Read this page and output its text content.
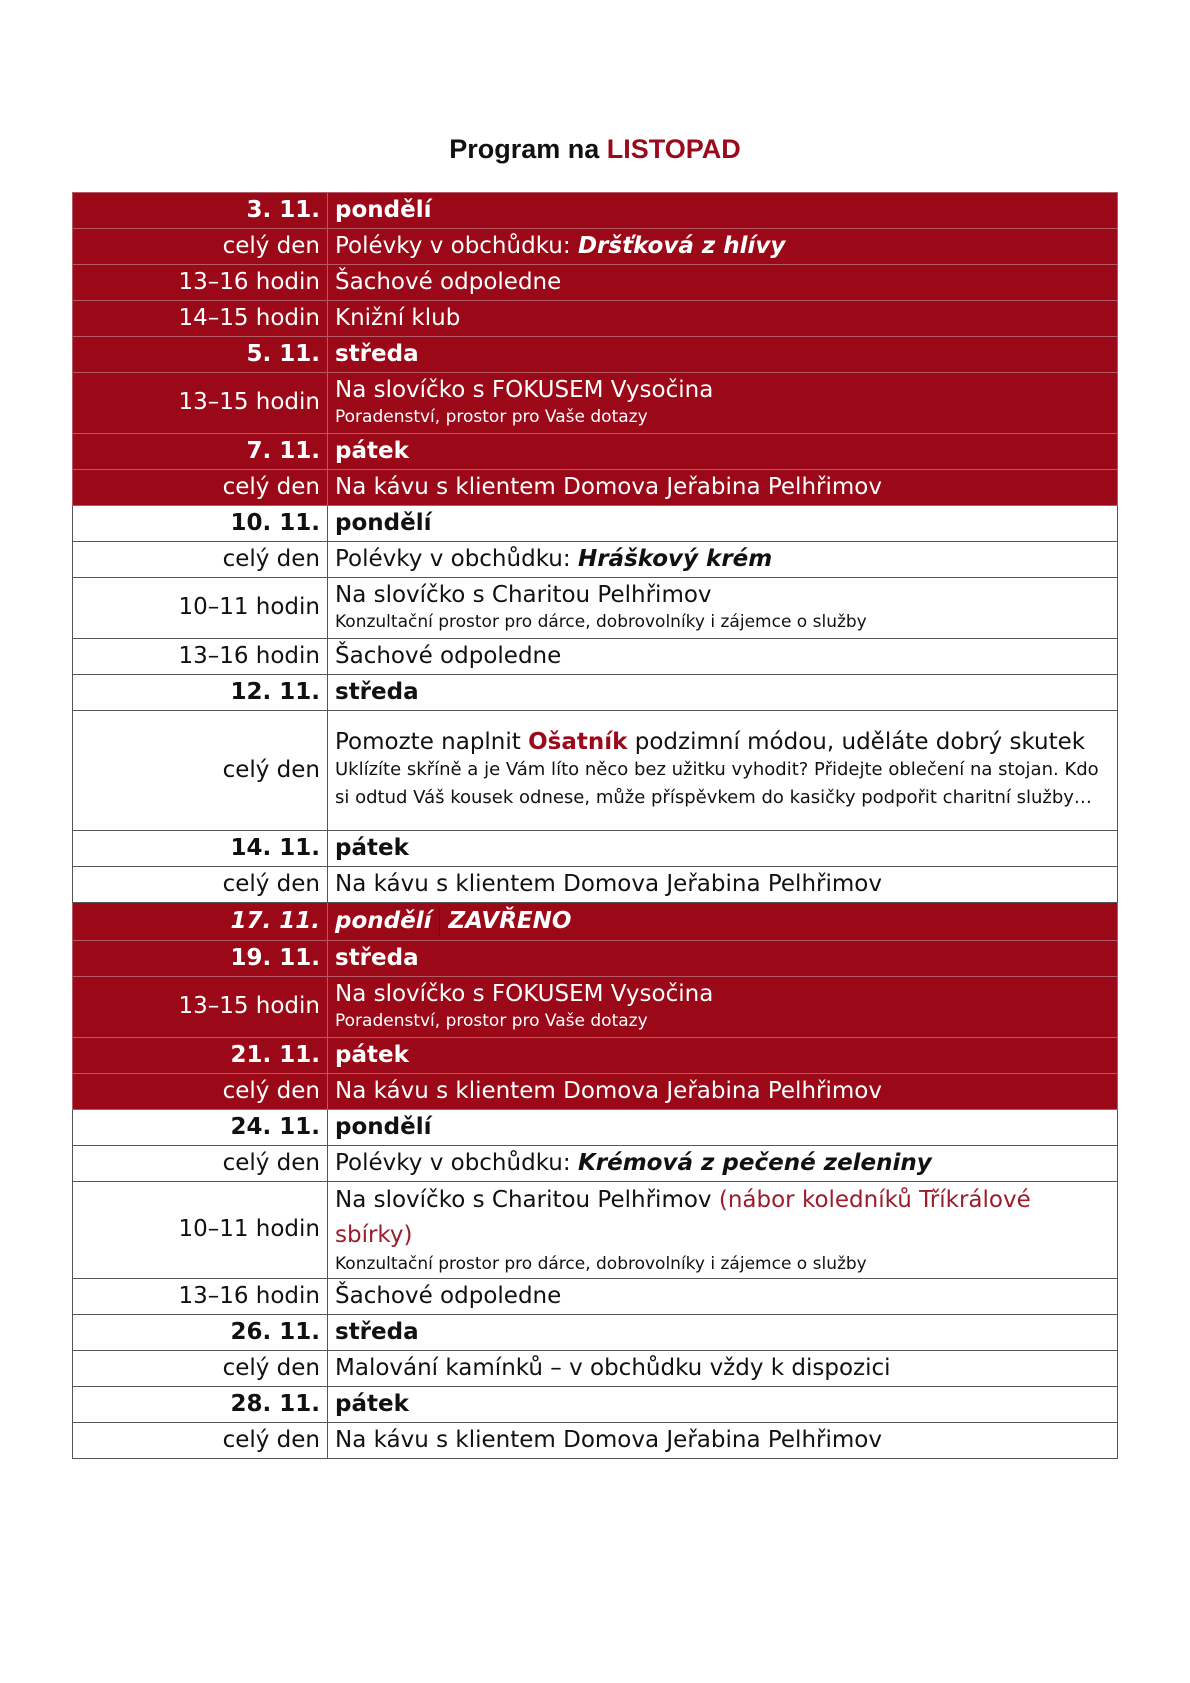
Program na LISTOPAD
3. 11.	pondělí
celý den	Polévky v obchůdku: Dršťková z hlívy
13–16 hodin	Šachové odpoledne
14–15 hodin	Knižní klub
5. 11.	středa
13–15 hodin	Na slovíčko s FOKUSEM Vysočina
Poradenství, prostor pro Vaše dotazy

7. 11.	pátek
celý den	Na kávu s klientem Domova Jeřabina Pelhřimov
10. 11.	pondělí
celý den	Polévky v obchůdku: Hráškový krém
10–11 hodin	Na slovíčko s Charitou Pelhřimov
Konzultační prostor pro dárce, dobrovolníky i zájemce o služby

13–16 hodin	Šachové odpoledne
12. 11.	středa
celý den	Pomozte naplnit Ošatník podzimní módou, uděláte dobrý skutek
Uklízíte skříně a je Vám líto něco bez užitku vyhodit? Přidejte oblečení na stojan. Kdo si odtud Váš kousek odnese, může příspěvkem do kasičky podpořit charitní služby…

14. 11.	pátek
celý den	Na kávu s klientem Domova Jeřabina Pelhřimov
17. 11.	pondělí ZAVŘENO
19. 11.	středa
13–15 hodin	Na slovíčko s FOKUSEM Vysočina
Poradenství, prostor pro Vaše dotazy

21. 11.	pátek
celý den	Na kávu s klientem Domova Jeřabina Pelhřimov
24. 11.	pondělí
celý den	Polévky v obchůdku: Krémová z pečené zeleniny
10–11 hodin	Na slovíčko s Charitou Pelhřimov (nábor koledníků Tříkrálové sbírky)
Konzultační prostor pro dárce, dobrovolníky i zájemce o služby

13–16 hodin	Šachové odpoledne
26. 11.	středa
celý den	Malování kamínků – v obchůdku vždy k dispozici
28. 11.	pátek
celý den	Na kávu s klientem Domova Jeřabina Pelhřimov
